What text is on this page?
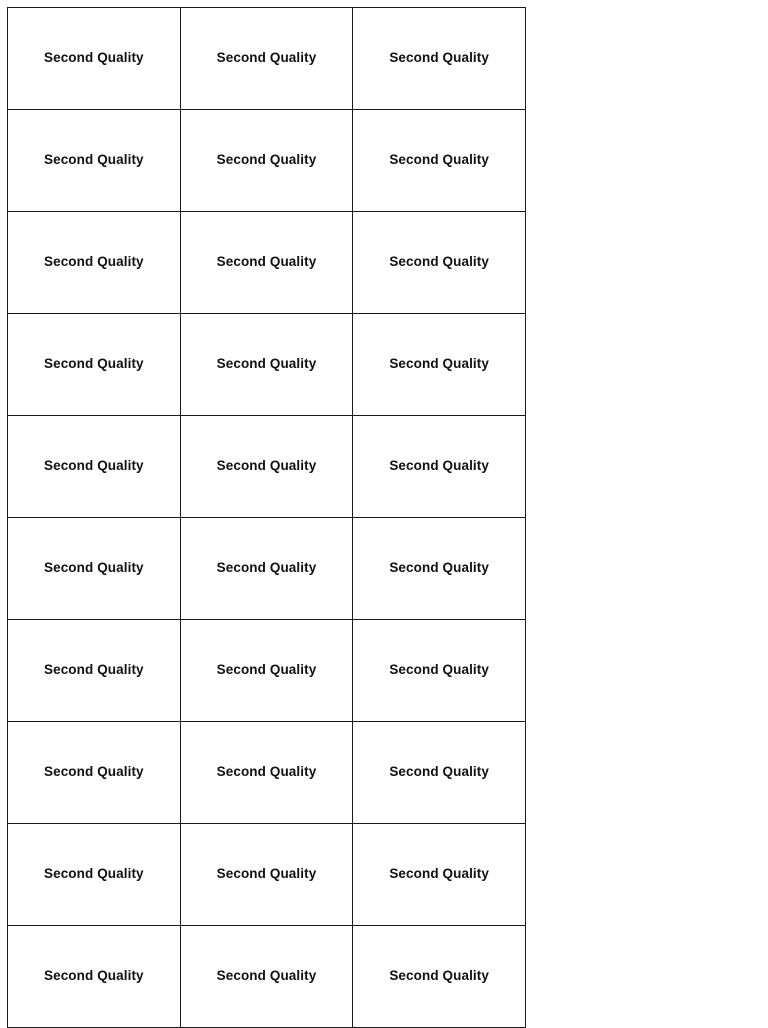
Second Quality	Second Quality	Second Quality
Second Quality	Second Quality	Second Quality
Second Quality	Second Quality	Second Quality
Second Quality	Second Quality	Second Quality
Second Quality	Second Quality	Second Quality
Second Quality	Second Quality	Second Quality
Second Quality	Second Quality	Second Quality
Second Quality	Second Quality	Second Quality
Second Quality	Second Quality	Second Quality
Second Quality	Second Quality	Second Quality
